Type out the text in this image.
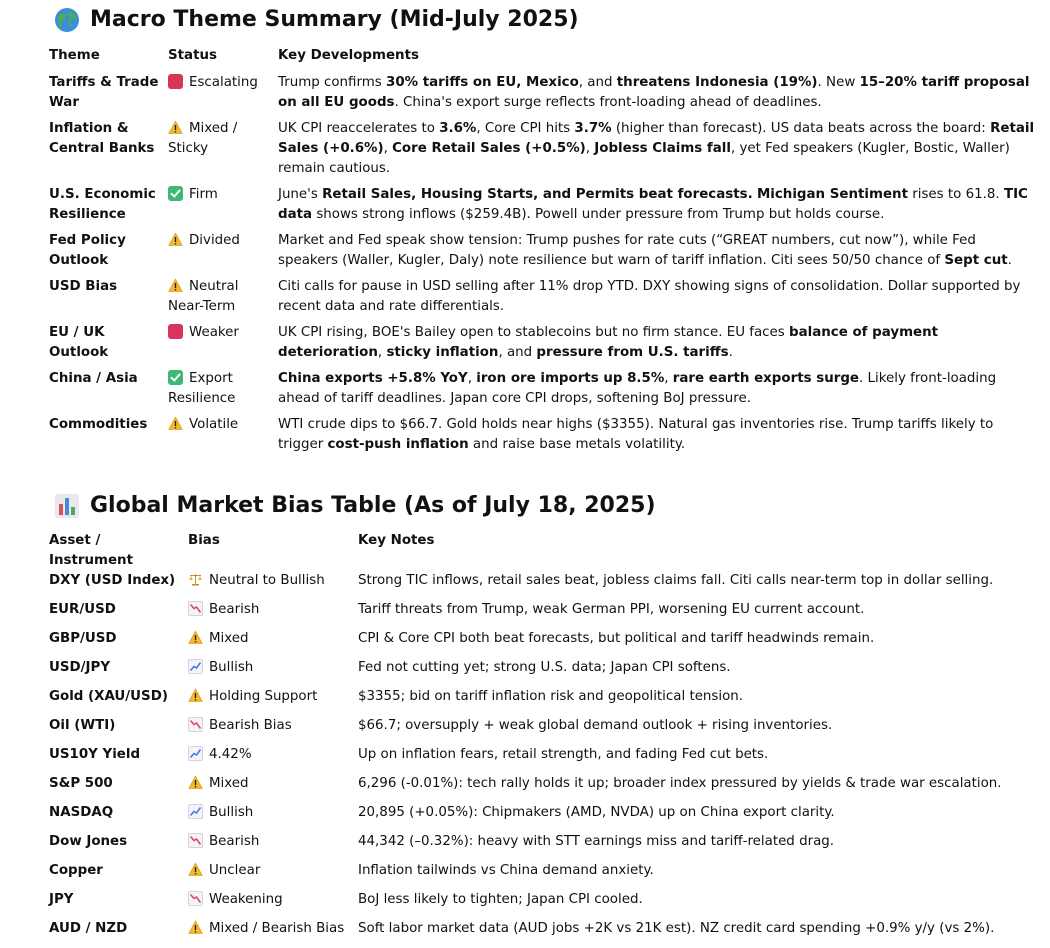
Macro Theme Summary (Mid-July 2025)
Theme	Status	Key Developments
Tariffs & Trade War	Escalating	Trump confirms 30% tariffs on EU, Mexico, and threatens Indonesia (19%). New 15–20% tariff proposal on all EU goods. China's export surge reflects front-loading ahead of deadlines.
Inflation & Central Banks	Mixed / Sticky	UK CPI reaccelerates to 3.6%, Core CPI hits 3.7% (higher than forecast). US data beats across the board: Retail Sales (+0.6%), Core Retail Sales (+0.5%), Jobless Claims fall, yet Fed speakers (Kugler, Bostic, Waller) remain cautious.
U.S. Economic Resilience	Firm	June's Retail Sales, Housing Starts, and Permits beat forecasts. Michigan Sentiment rises to 61.8. TIC data shows strong inflows ($259.4B). Powell under pressure from Trump but holds course.
Fed Policy Outlook	Divided	Market and Fed speak show tension: Trump pushes for rate cuts (“GREAT numbers, cut now”), while Fed speakers (Waller, Kugler, Daly) note resilience but warn of tariff inflation. Citi sees 50/50 chance of Sept cut.
USD Bias	Neutral Near-Term	Citi calls for pause in USD selling after 11% drop YTD. DXY showing signs of consolidation. Dollar supported by recent data and rate differentials.
EU / UK Outlook	Weaker	UK CPI rising, BOE's Bailey open to stablecoins but no firm stance. EU faces balance of payment deterioration, sticky inflation, and pressure from U.S. tariffs.
China / Asia	Export Resilience	China exports +5.8% YoY, iron ore imports up 8.5%, rare earth exports surge. Likely front-loading ahead of tariff deadlines. Japan core CPI drops, softening BoJ pressure.
Commodities	Volatile	WTI crude dips to $66.7. Gold holds near highs ($3355). Natural gas inventories rise. Trump tariffs likely to trigger cost-push inflation and raise base metals volatility.
Global Market Bias Table (As of July 18, 2025)
Asset / Instrument	Bias	Key Notes
DXY (USD Index)	Neutral to Bullish	Strong TIC inflows, retail sales beat, jobless claims fall. Citi calls near-term top in dollar selling.
EUR/USD	Bearish	Tariff threats from Trump, weak German PPI, worsening EU current account.
GBP/USD	Mixed	CPI & Core CPI both beat forecasts, but political and tariff headwinds remain.
USD/JPY	Bullish	Fed not cutting yet; strong U.S. data; Japan CPI softens.
Gold (XAU/USD)	Holding Support	$3355; bid on tariff inflation risk and geopolitical tension.
Oil (WTI)	Bearish Bias	$66.7; oversupply + weak global demand outlook + rising inventories.
US10Y Yield	4.42%	Up on inflation fears, retail strength, and fading Fed cut bets.
S&P 500	Mixed	6,296 (-0.01%): tech rally holds it up; broader index pressured by yields & trade war escalation.
NASDAQ	Bullish	20,895 (+0.05%): Chipmakers (AMD, NVDA) up on China export clarity.
Dow Jones	Bearish	44,342 (–0.32%): heavy with STT earnings miss and tariff-related drag.
Copper	Unclear	Inflation tailwinds vs China demand anxiety.
JPY	Weakening	BoJ less likely to tighten; Japan CPI cooled.
AUD / NZD	Mixed / Bearish Bias	Soft labor market data (AUD jobs +2K vs 21K est). NZ credit card spending +0.9% y/y (vs 2%).
